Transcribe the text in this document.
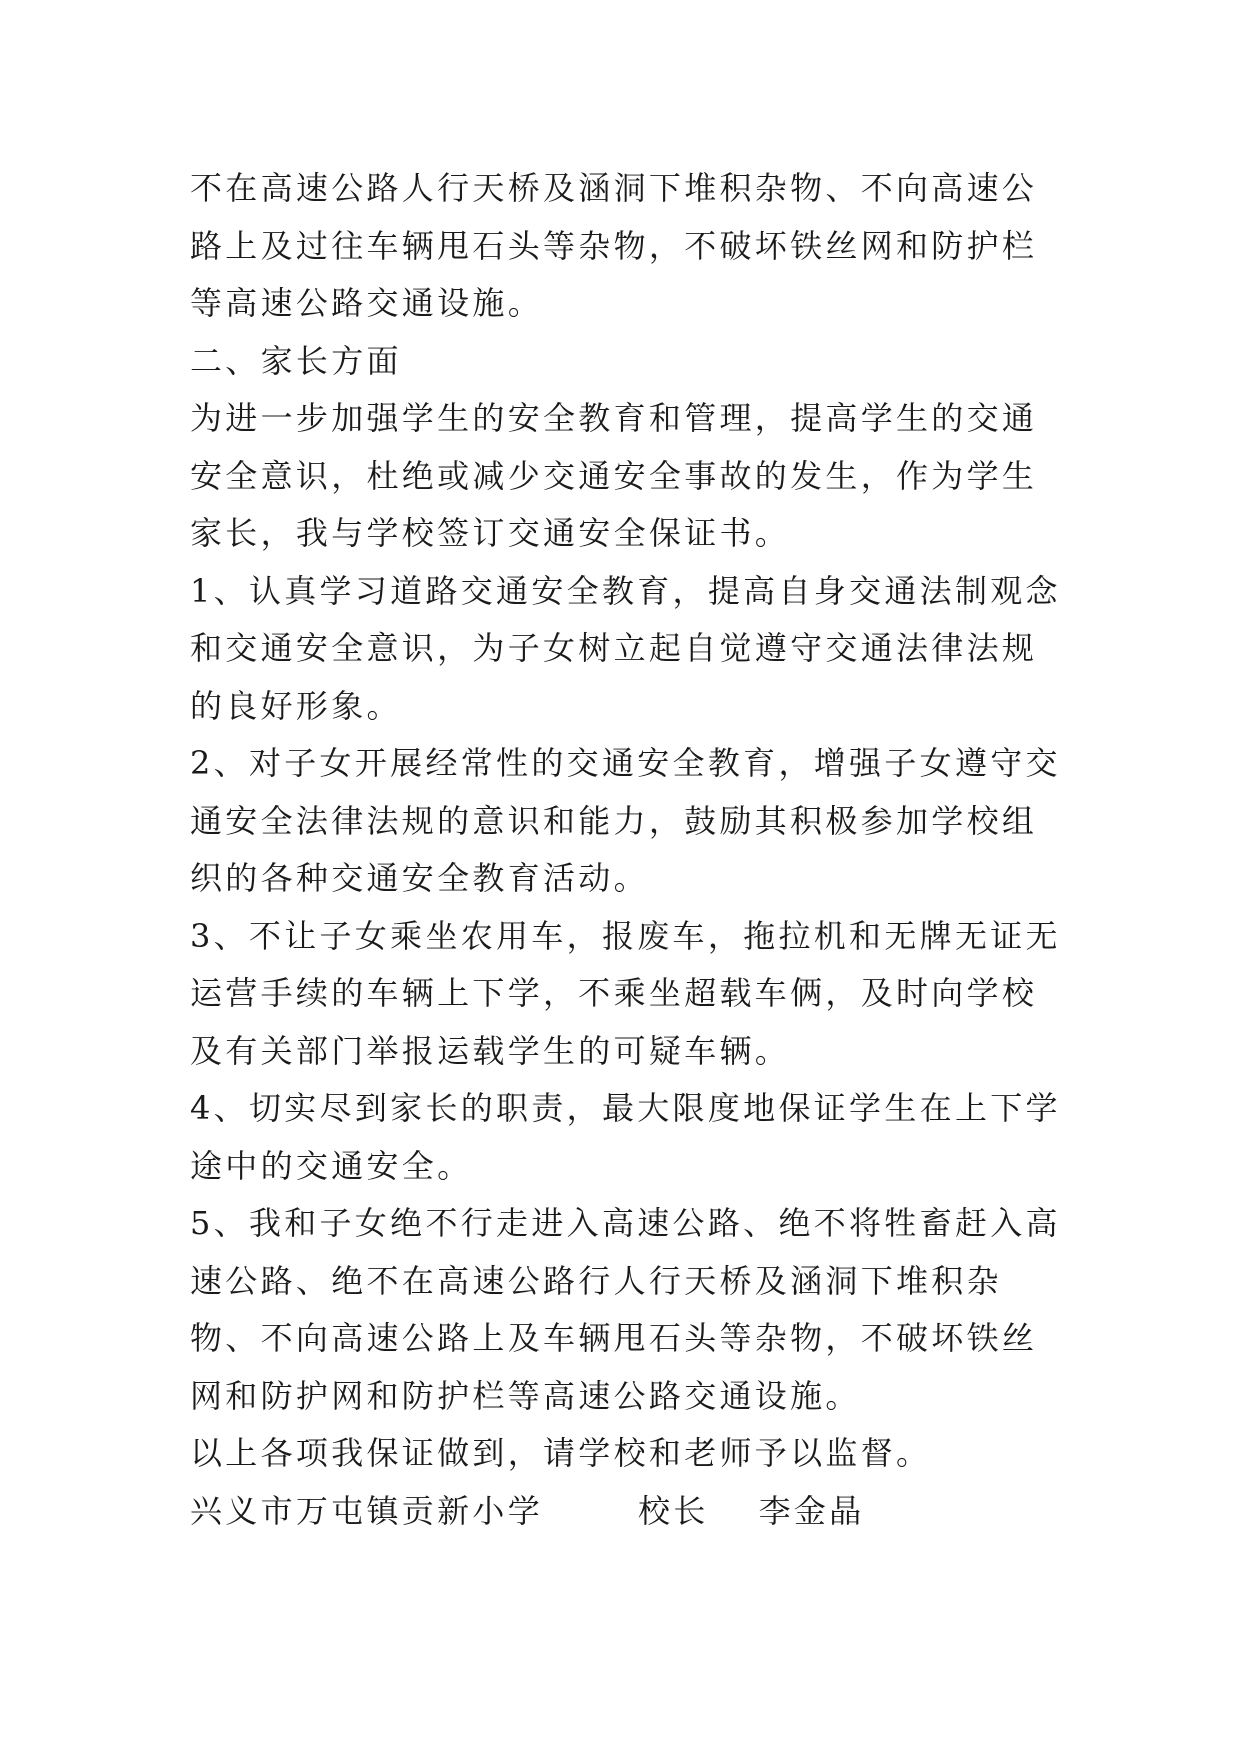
不在高速公路人行天桥及涵洞下堆积杂物、不向高速公路上及过往车辆甩石头等杂物，不破坏铁丝网和防护栏等高速公路交通设施。

二、家长方面

为进一步加强学生的安全教育和管理，提高学生的交通安全意识，杜绝或减少交通安全事故的发生，作为学生家长，我与学校签订交通安全保证书。

1、认真学习道路交通安全教育，提高自身交通法制观念和交通安全意识，为子女树立起自觉遵守交通法律法规的良好形象。

2、对子女开展经常性的交通安全教育，增强子女遵守交通安全法律法规的意识和能力，鼓励其积极参加学校组织的各种交通安全教育活动。

3、不让子女乘坐农用车，报废车，拖拉机和无牌无证无运营手续的车辆上下学，不乘坐超载车俩，及时向学校及有关部门举报运载学生的可疑车辆。

4、切实尽到家长的职责，最大限度地保证学生在上下学途中的交通安全。

5、我和子女绝不行走进入高速公路、绝不将牲畜赶入高速公路、绝不在高速公路行人行天桥及涵洞下堆积杂物、不向高速公路上及车辆甩石头等杂物，不破坏铁丝网和防护网和防护栏等高速公路交通设施。

以上各项我保证做到，请学校和老师予以监督。

兴义市万屯镇贡新小学	校长 李金晶
